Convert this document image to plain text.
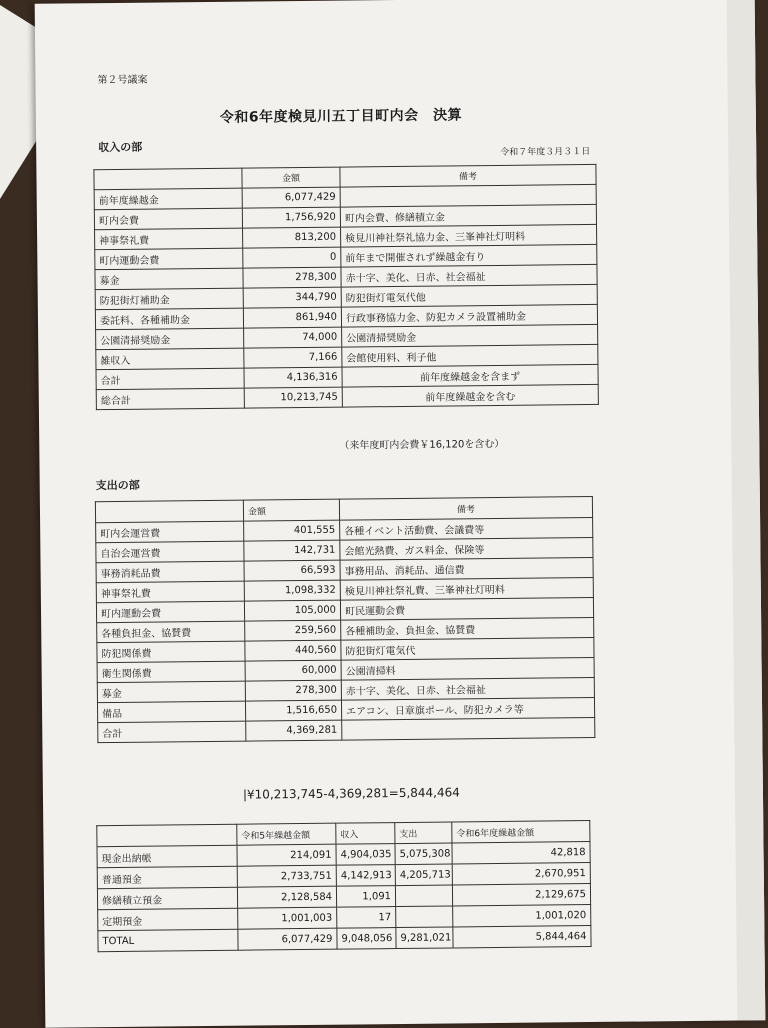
第２号議案
令和6年度検見川五丁目町内会　決算
収入の部	令和７年度３月３１日
	金額	備考
前年度繰越金	6,077,429	
町内会費	1,756,920	町内会費、修繕積立金
神事祭礼費	813,200	検見川神社祭礼協力金、三峯神社灯明料
町内運動会費	0	前年まで開催されず繰越金有り
募金	278,300	赤十字、美化、日赤、社会福祉
防犯街灯補助金	344,790	防犯街灯電気代他
委託料、各種補助金	861,940	行政事務協力金、防犯カメラ設置補助金
公園清掃奨励金	74,000	公園清掃奨励金
雑収入	7,166	会館使用料、利子他
合計	4,136,316	前年度繰越金を含まず
総合計	10,213,745	前年度繰越金を含む
（来年度町内会費￥16,120を含む）
支出の部
	金額	備考
町内会運営費	401,555	各種イベント活動費、会議費等
自治会運営費	142,731	会館光熱費、ガス料金、保険等
事務消耗品費	66,593	事務用品、消耗品、通信費
神事祭礼費	1,098,332	検見川神社祭礼費、三峯神社灯明料
町内運動会費	105,000	町民運動会費
各種負担金、協賛費	259,560	各種補助金、負担金、協賛費
防犯関係費	440,560	防犯街灯電気代
衛生関係費	60,000	公園清掃料
募金	278,300	赤十字、美化、日赤、社会福祉
備品	1,516,650	エアコン、日章旗ポール、防犯カメラ等
合計	4,369,281	
|¥10,213,745-4,369,281=5,844,464
	令和5年繰越金額	収入	支出	令和6年度繰越金額
現金出納帳	214,091	4,904,035	5,075,308	42,818
普通預金	2,733,751	4,142,913	4,205,713	2,670,951
修繕積立預金	2,128,584	1,091		2,129,675
定期預金	1,001,003	17		1,001,020
TOTAL	6,077,429	9,048,056	9,281,021	5,844,464
